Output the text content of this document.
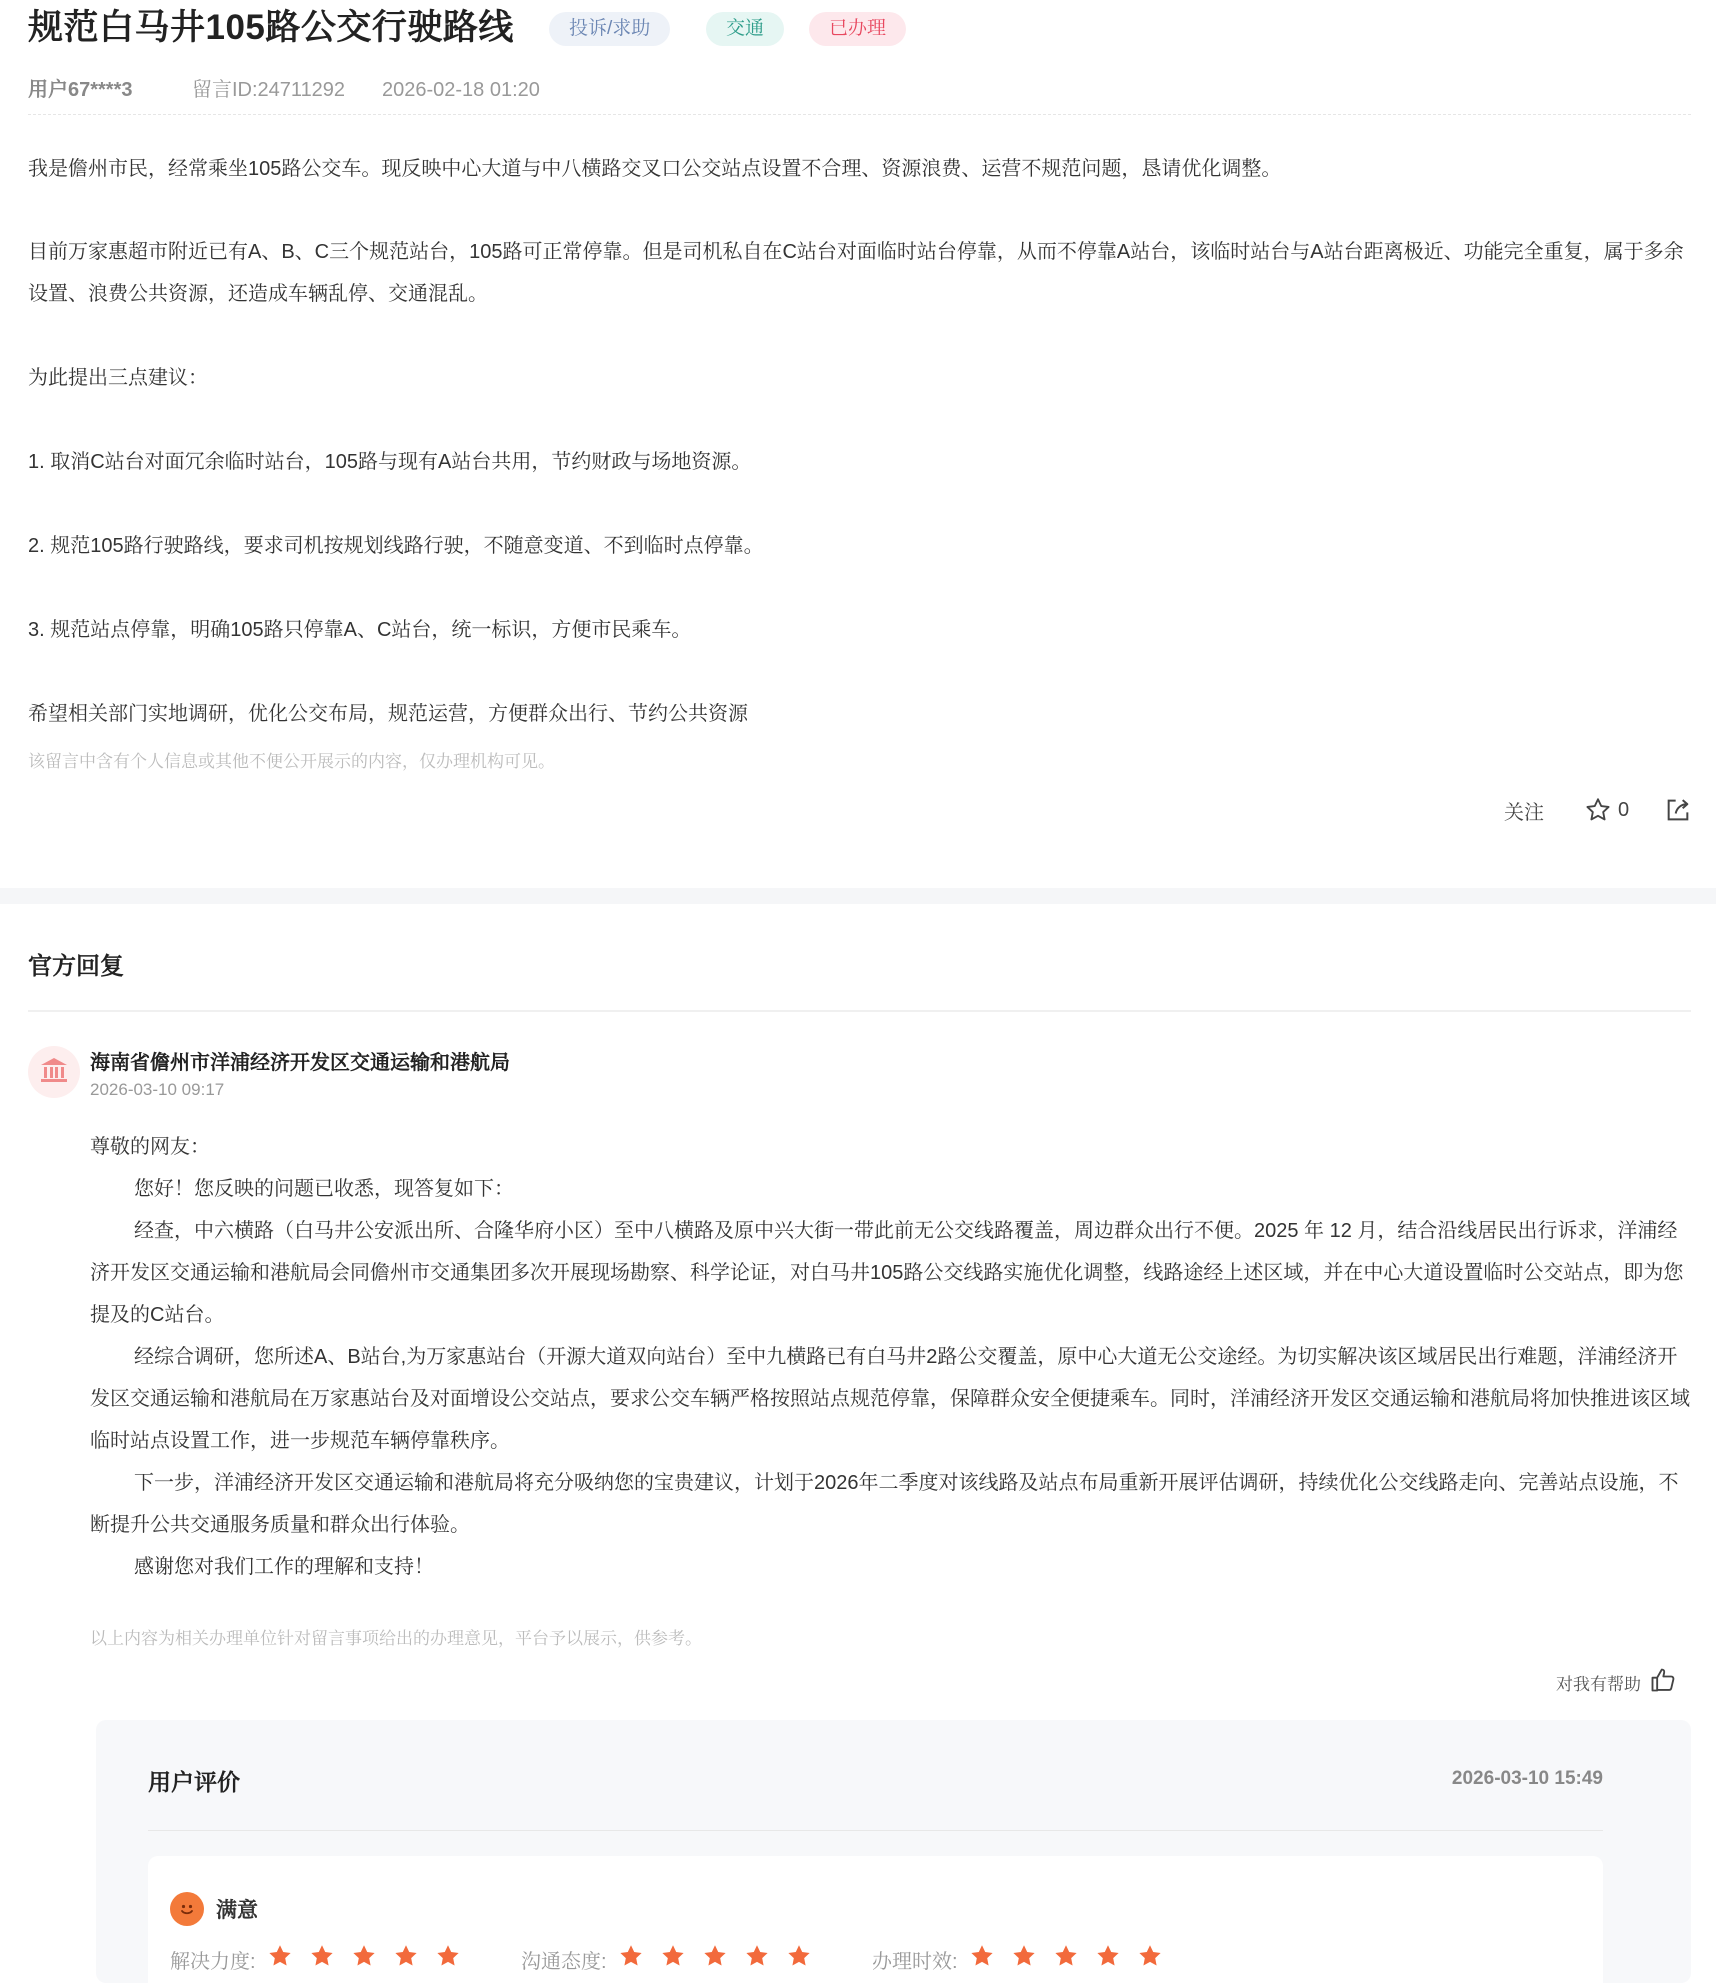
规范白马井105路公交行驶路线	投诉/求助	交通	已办理
用户67****3	留言ID:24711292 2026-02-18 01:20

我是儋州市民，经常乘坐105路公交车。现反映中心大道与中八横路交叉口公交站点设置不合理、资源浪费、运营不规范问题，恳请优化调整。

目前万家惠超市附近已有A、B、C三个规范站台，105路可正常停靠。但是司机私自在C站台对面临时站台停靠，从而不停靠A站台，该临时站台与A站台距离极近、功能完全重复，属于多余设置、浪费公共资源，还造成车辆乱停、交通混乱。

为此提出三点建议：

1. 取消C站台对面冗余临时站台，105路与现有A站台共用，节约财政与场地资源。

2. 规范105路行驶路线，要求司机按规划线路行驶，不随意变道、不到临时点停靠。

3. 规范站点停靠，明确105路只停靠A、C站台，统一标识，方便市民乘车。

希望相关部门实地调研，优化公交布局，规范运营，方便群众出行、节约公共资源

该留言中含有个人信息或其他不便公开展示的内容，仅办理机构可见。

关注	0
官方回复
海南省儋州市洋浦经济开发区交通运输和港航局
2026-03-10 09:17

尊敬的网友：

您好！您反映的问题已收悉，现答复如下：

经查，中六横路（白马井公安派出所、合隆华府小区）至中八横路及原中兴大街一带此前无公交线路覆盖，周边群众出行不便。2025 年 12 月，结合沿线居民出行诉求，洋浦经济开发区交通运输和港航局会同儋州市交通集团多次开展现场勘察、科学论证，对白马井105路公交线路实施优化调整，线路途经上述区域，并在中心大道设置临时公交站点，即为您提及的C站台。

经综合调研，您所述A、B站台,为万家惠站台（开源大道双向站台）至中九横路已有白马井2路公交覆盖，原中心大道无公交途经。为切实解决该区域居民出行难题，洋浦经济开发区交通运输和港航局在万家惠站台及对面增设公交站点，要求公交车辆严格按照站点规范停靠，保障群众安全便捷乘车。同时，洋浦经济开发区交通运输和港航局将加快推进该区域临时站点设置工作，进一步规范车辆停靠秩序。

下一步，洋浦经济开发区交通运输和港航局将充分吸纳您的宝贵建议，计划于2026年二季度对该线路及站点布局重新开展评估调研，持续优化公交线路走向、完善站点设施，不断提升公共交通服务质量和群众出行体验。

感谢您对我们工作的理解和支持！

以上内容为相关办理单位针对留言事项给出的办理意见，平台予以展示，供参考。

对我有帮助
用户评价	2026-03-10 15:49
满意
解决力度:	沟通态度:	办理时效:
